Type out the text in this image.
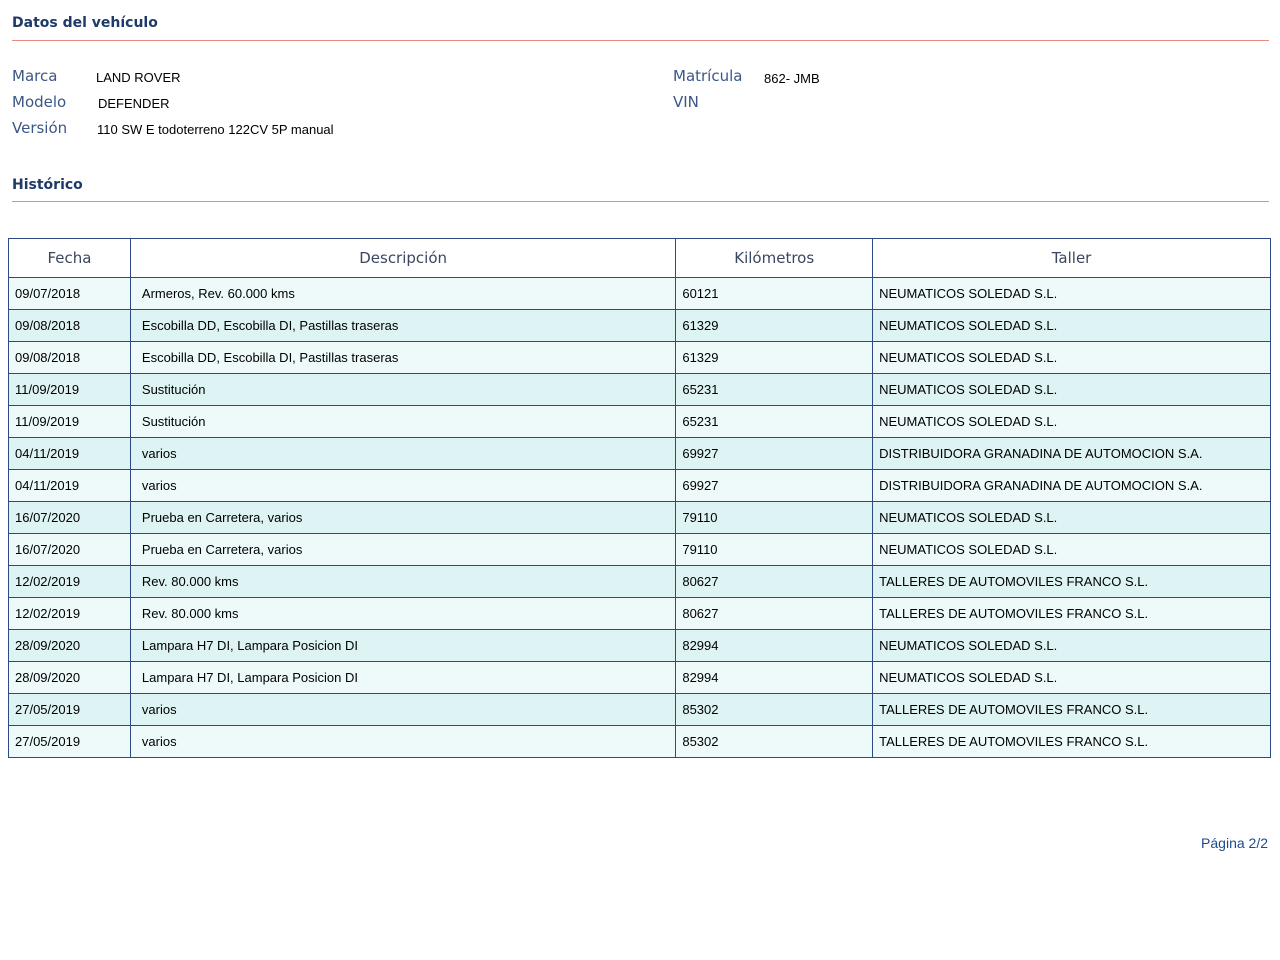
Datos del vehículo
Marca	LAND ROVER
Modelo DEFENDER
Versión 110 SW E todoterreno 122CV 5P manual
Matrícula 862- JMB
VIN
Histórico
Fecha	Descripción	Kilómetros	Taller
09/07/2018	Armeros, Rev. 60.000 kms	60121	NEUMATICOS SOLEDAD S.L.
09/08/2018	Escobilla DD, Escobilla DI, Pastillas traseras	61329	NEUMATICOS SOLEDAD S.L.
09/08/2018	Escobilla DD, Escobilla DI, Pastillas traseras	61329	NEUMATICOS SOLEDAD S.L.
11/09/2019	Sustitución	65231	NEUMATICOS SOLEDAD S.L.
11/09/2019	Sustitución	65231	NEUMATICOS SOLEDAD S.L.
04/11/2019	varios	69927	DISTRIBUIDORA GRANADINA DE AUTOMOCION S.A.
04/11/2019	varios	69927	DISTRIBUIDORA GRANADINA DE AUTOMOCION S.A.
16/07/2020	Prueba en Carretera, varios	79110	NEUMATICOS SOLEDAD S.L.
16/07/2020	Prueba en Carretera, varios	79110	NEUMATICOS SOLEDAD S.L.
12/02/2019	Rev. 80.000 kms	80627	TALLERES DE AUTOMOVILES FRANCO S.L.
12/02/2019	Rev. 80.000 kms	80627	TALLERES DE AUTOMOVILES FRANCO S.L.
28/09/2020	Lampara H7 DI, Lampara Posicion DI	82994	NEUMATICOS SOLEDAD S.L.
28/09/2020	Lampara H7 DI, Lampara Posicion DI	82994	NEUMATICOS SOLEDAD S.L.
27/05/2019	varios	85302	TALLERES DE AUTOMOVILES FRANCO S.L.
27/05/2019	varios	85302	TALLERES DE AUTOMOVILES FRANCO S.L.
Página 2/2
